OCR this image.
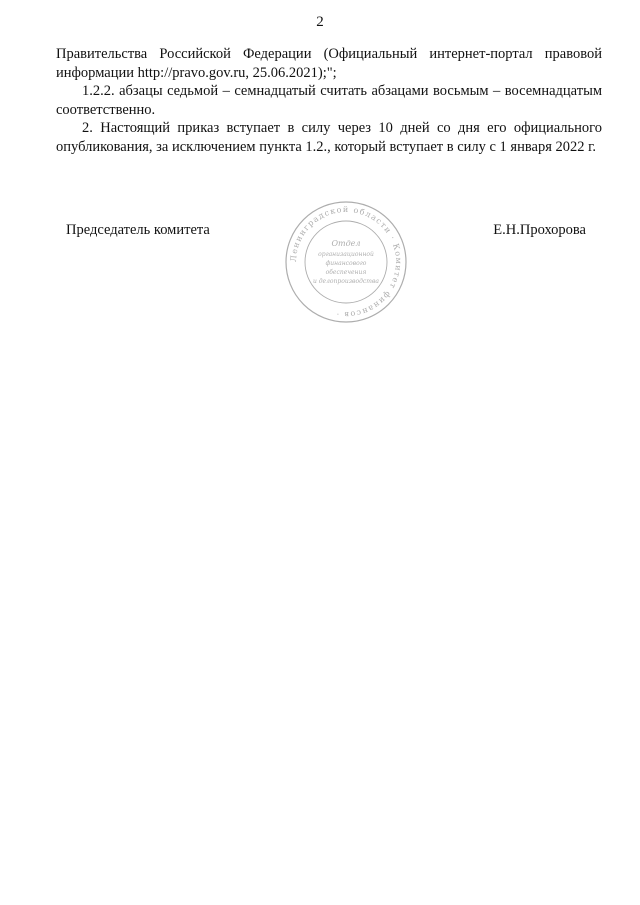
2

Правительства Российской Федерации (Официальный интернет-портал правовой информации http://pravo.gov.ru, 25.06.2021);";

1.2.2. абзацы седьмой – семнадцатый считать абзацами восьмым – восемнадцатым соответственно.

2. Настоящий приказ вступает в силу через 10 дней со дня его официального опубликования, за исключением пункта 1.2., который вступает в силу с 1 января 2022 г.

Председатель комитета
Ленинградской области · Комитет финансов ·
Отдел
организационной
финансового
обеспечения
и делопроизводства
Е.Н.Прохорова
